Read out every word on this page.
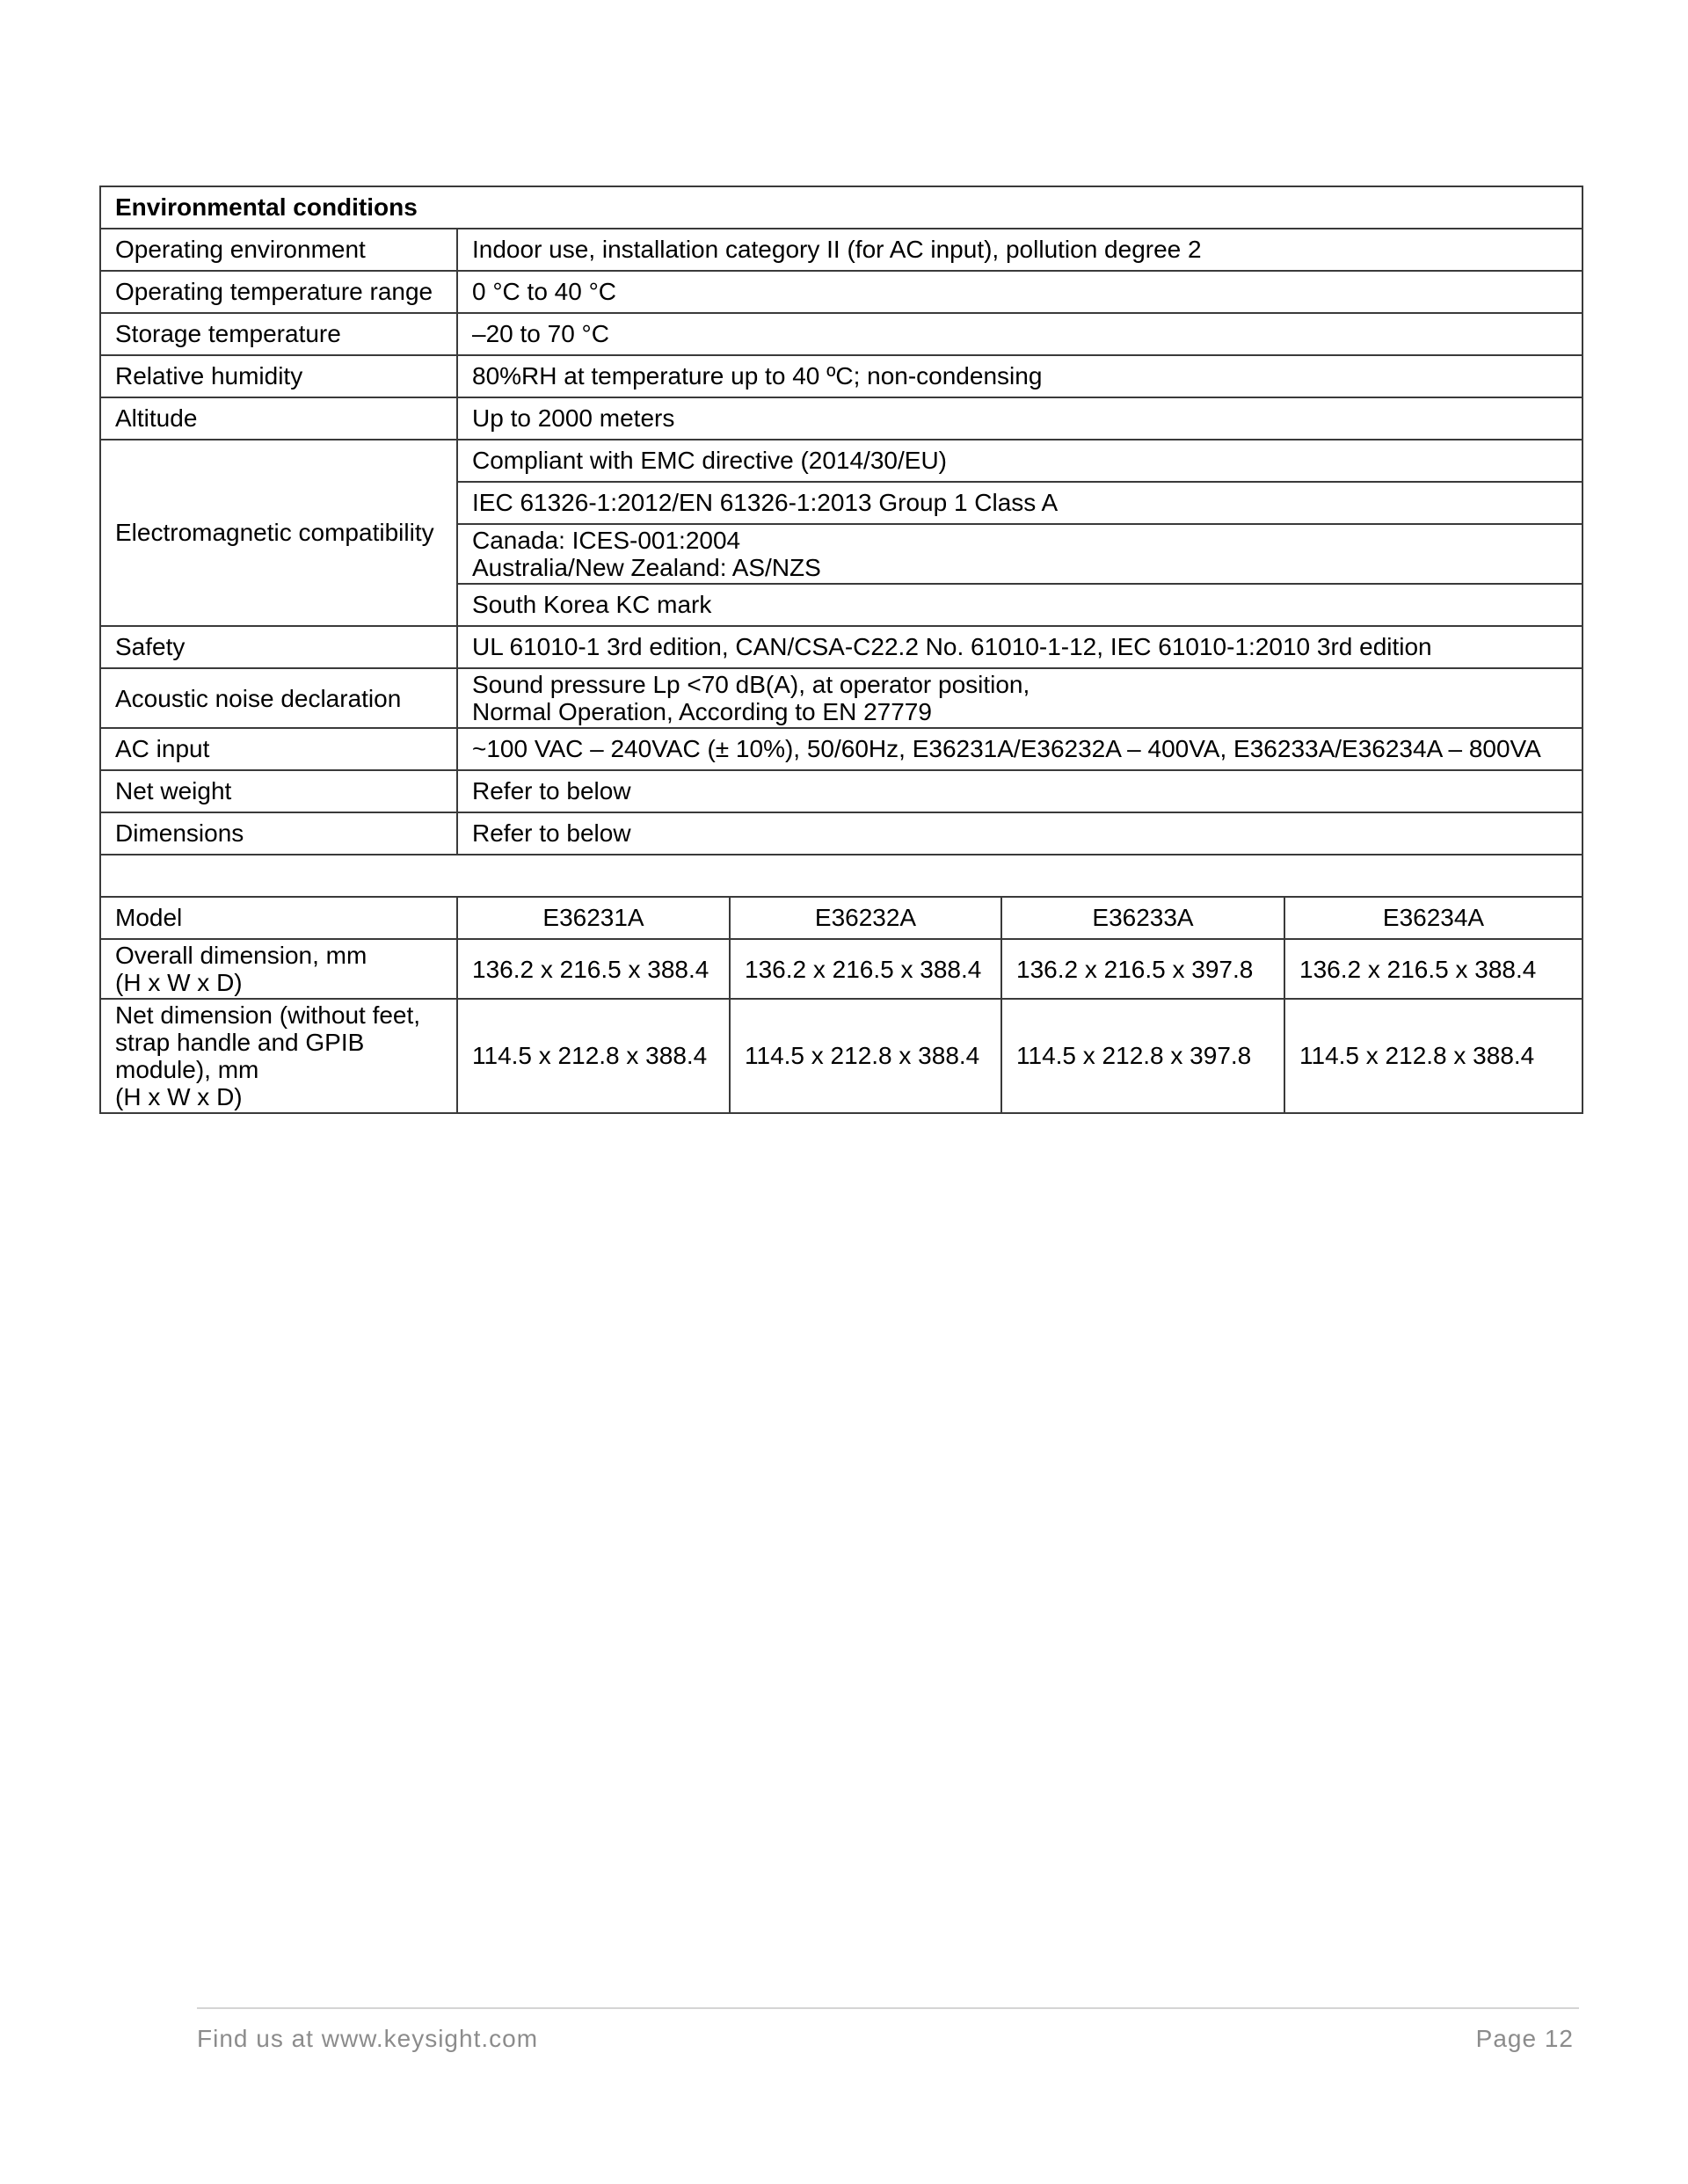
Environmental conditions				
Operating environment	Indoor use, installation category II (for AC input), pollution degree 2			
Operating temperature range	0 °C to 40 °C			
Storage temperature	–20 to 70 °C			
Relative humidity	80%RH at temperature up to 40 ºC; non-condensing			
Altitude	Up to 2000 meters			
Electromagnetic compatibility	Compliant with EMC directive (2014/30/EU)			
	IEC 61326-1:2012/EN 61326-1:2013 Group 1 Class A			

	Canada: ICES-001:2004
Australia/New Zealand: AS/NZS			

	South Korea KC mark			
Safety	UL 61010-1 3rd edition, CAN/CSA-C22.2 No. 61010-1-12, IEC 61010-1:2010 3rd edition			
Acoustic noise declaration	Sound pressure Lp <70 dB(A), at operator position,
Normal Operation, According to EN 27779			

AC input	~100 VAC – 240VAC (± 10%), 50/60Hz, E36231A/E36232A – 400VA, E36233A/E36234A – 800VA			
Net weight	Refer to below			
Dimensions	Refer to below			

Model	E36231A	E36232A	E36233A	E36234A

Overall dimension, mm
(H x W x D)	136.2 x 216.5 x 388.4	136.2 x 216.5 x 388.4	136.2 x 216.5 x 397.8	136.2 x 216.5 x 388.4

Net dimension (without feet,
strap handle and GPIB
module), mm
(H x W x D)	114.5 x 212.8 x 388.4	114.5 x 212.8 x 388.4	114.5 x 212.8 x 397.8	114.5 x 212.8 x 388.4
Find us at www.keysight.com	Page 12
